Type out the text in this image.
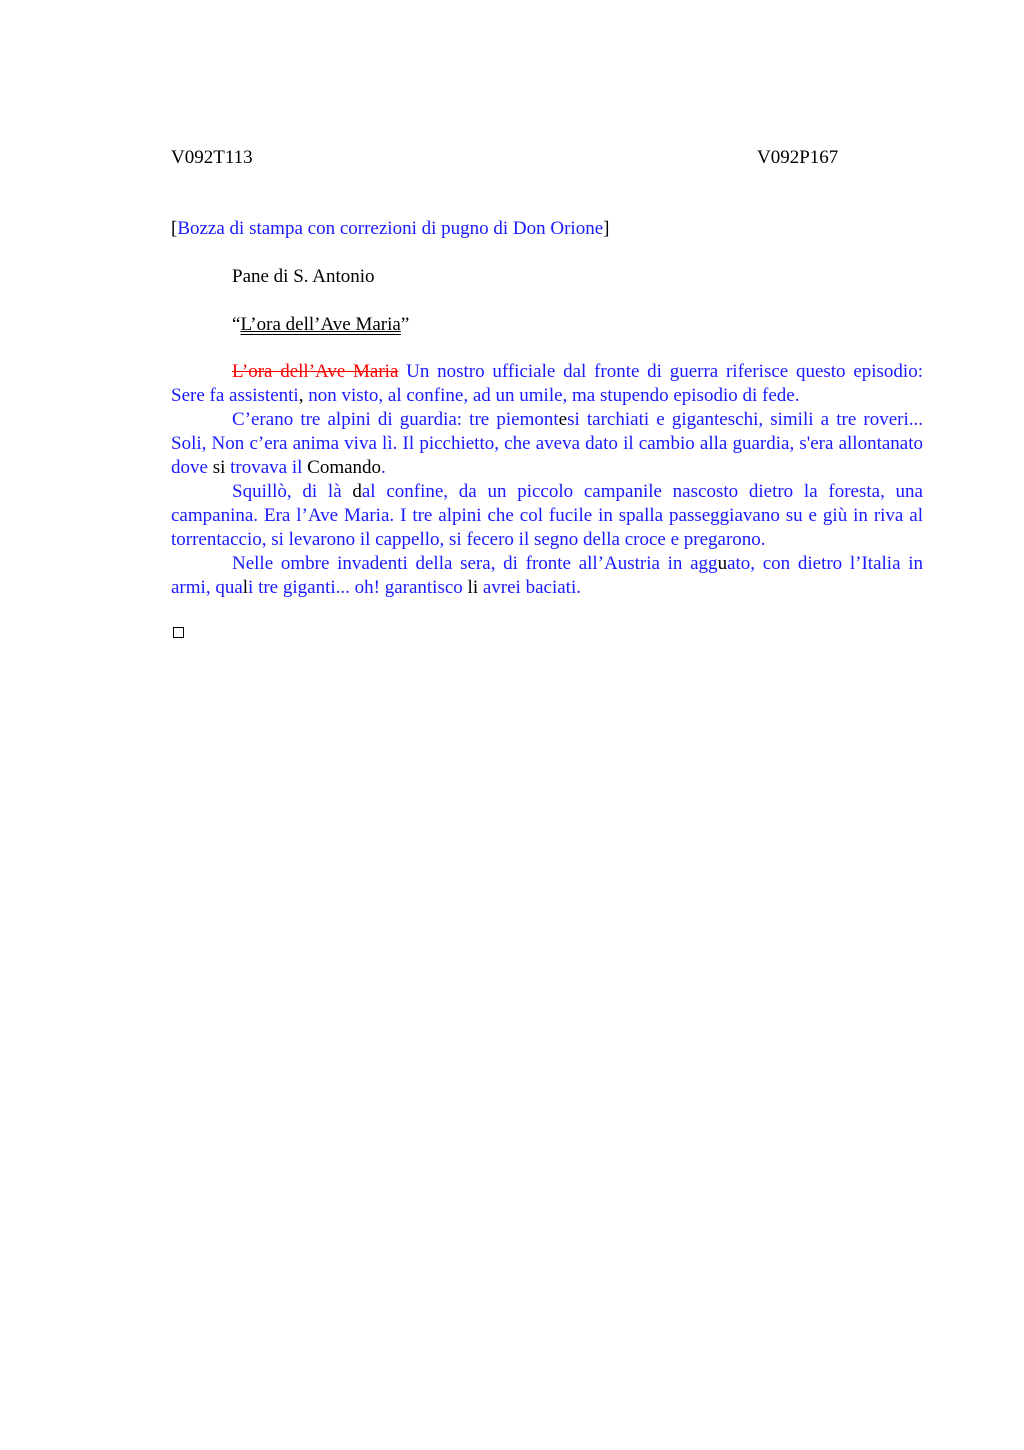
V092T113	V092P167
[Bozza di stampa con correzioni di pugno di Don Orione]
Pane di S. Antonio
“L’ora dell’Ave Maria”

L’ora dell’Ave Maria Un nostro ufficiale dal fronte di guerra riferisce questo episodio: Sere fa assistenti, non visto, al confine, ad un umile, ma stupendo episodio di fede.

C’erano tre alpini di guardia: tre piemontesi tarchiati e giganteschi, simili a tre roveri... Soli, Non c’era anima viva lì. Il picchietto, che aveva dato il cambio alla guardia, s'era allontanato dove si trovava il Comando.

Squillò, di là dal confine, da un piccolo campanile nascosto dietro la foresta, una campanina. Era l’Ave Maria. I tre alpini che col fucile in spalla passeggiavano su e giù in riva al torrentaccio, si levarono il cappello, si fecero il segno della croce e pregarono.

Nelle ombre invadenti della sera, di fronte all’Austria in agguato, con dietro l’Italia in armi, quali tre giganti... oh! garantisco li avrei baciati.
